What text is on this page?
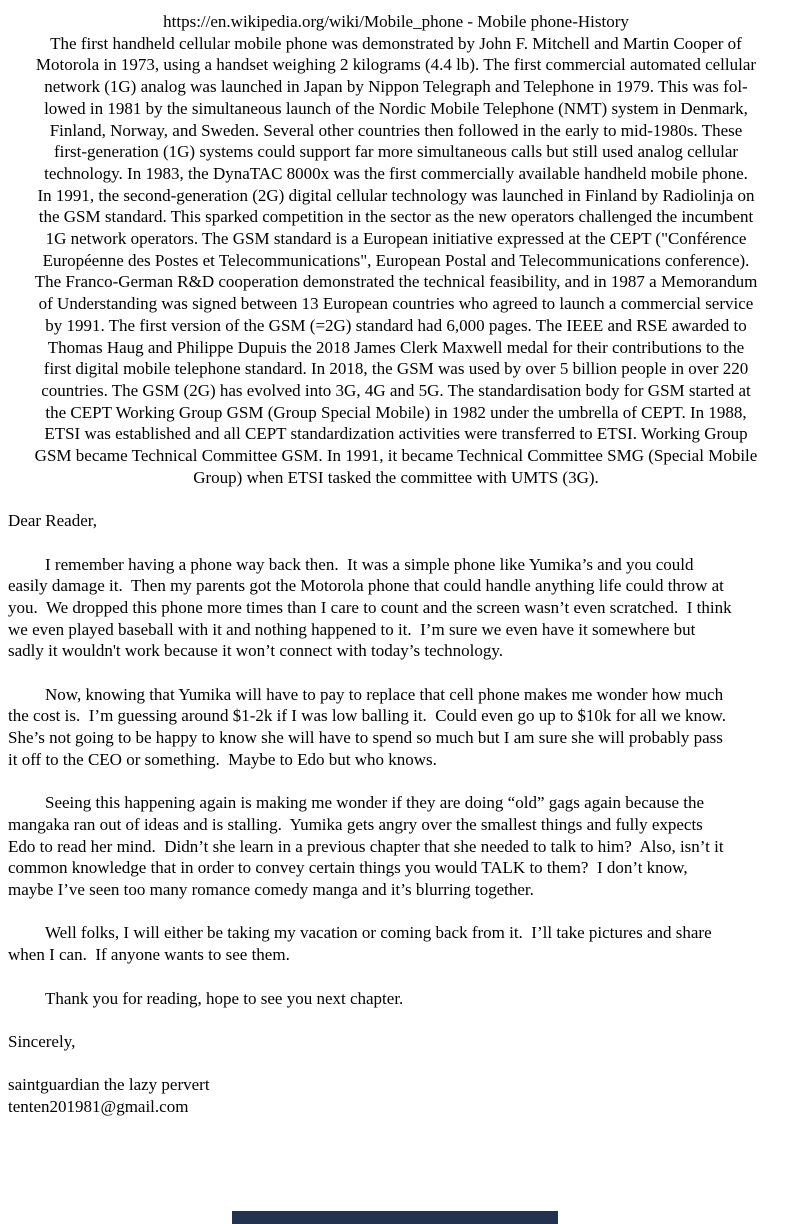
https://en.wikipedia.org/wiki/Mobile_phone - Mobile phone-History
The first handheld cellular mobile phone was demonstrated by John F. Mitchell and Martin Cooper of
Motorola in 1973, using a handset weighing 2 kilograms (4.4 lb). The first commercial automated cellular
network (1G) analog was launched in Japan by Nippon Telegraph and Telephone in 1979. This was fol-
lowed in 1981 by the simultaneous launch of the Nordic Mobile Telephone (NMT) system in Denmark,
Finland, Norway, and Sweden. Several other countries then followed in the early to mid-1980s. These
first-generation (1G) systems could support far more simultaneous calls but still used analog cellular
technology. In 1983, the DynaTAC 8000x was the first commercially available handheld mobile phone.
In 1991, the second-generation (2G) digital cellular technology was launched in Finland by Radiolinja on
the GSM standard. This sparked competition in the sector as the new operators challenged the incumbent
1G network operators. The GSM standard is a European initiative expressed at the CEPT ("Conférence
Européenne des Postes et Telecommunications", European Postal and Telecommunications conference).
The Franco-German R&D cooperation demonstrated the technical feasibility, and in 1987 a Memorandum
of Understanding was signed between 13 European countries who agreed to launch a commercial service
by 1991. The first version of the GSM (=2G) standard had 6,000 pages. The IEEE and RSE awarded to
Thomas Haug and Philippe Dupuis the 2018 James Clerk Maxwell medal for their contributions to the
first digital mobile telephone standard. In 2018, the GSM was used by over 5 billion people in over 220
countries. The GSM (2G) has evolved into 3G, 4G and 5G. The standardisation body for GSM started at
the CEPT Working Group GSM (Group Special Mobile) in 1982 under the umbrella of CEPT. In 1988,
ETSI was established and all CEPT standardization activities were transferred to ETSI. Working Group
GSM became Technical Committee GSM. In 1991, it became Technical Committee SMG (Special Mobile
Group) when ETSI tasked the committee with UMTS (3G).
Dear Reader,
I remember having a phone way back then.  It was a simple phone like Yumika’s and you could
easily damage it.  Then my parents got the Motorola phone that could handle anything life could throw at
you.  We dropped this phone more times than I care to count and the screen wasn’t even scratched.  I think
we even played baseball with it and nothing happened to it.  I’m sure we even have it somewhere but
sadly it wouldn't work because it won’t connect with today’s technology.
Now, knowing that Yumika will have to pay to replace that cell phone makes me wonder how much
the cost is.  I’m guessing around $1-2k if I was low balling it.  Could even go up to $10k for all we know.
She’s not going to be happy to know she will have to spend so much but I am sure she will probably pass
it off to the CEO or something.  Maybe to Edo but who knows.
Seeing this happening again is making me wonder if they are doing “old” gags again because the
mangaka ran out of ideas and is stalling.  Yumika gets angry over the smallest things and fully expects
Edo to read her mind.  Didn’t she learn in a previous chapter that she needed to talk to him?  Also, isn’t it
common knowledge that in order to convey certain things you would TALK to them?  I don’t know,
maybe I’ve seen too many romance comedy manga and it’s blurring together.
Well folks, I will either be taking my vacation or coming back from it.  I’ll take pictures and share
when I can.  If anyone wants to see them.
Thank you for reading, hope to see you next chapter.
Sincerely,
saintguardian the lazy pervert
tenten201981@gmail.com
